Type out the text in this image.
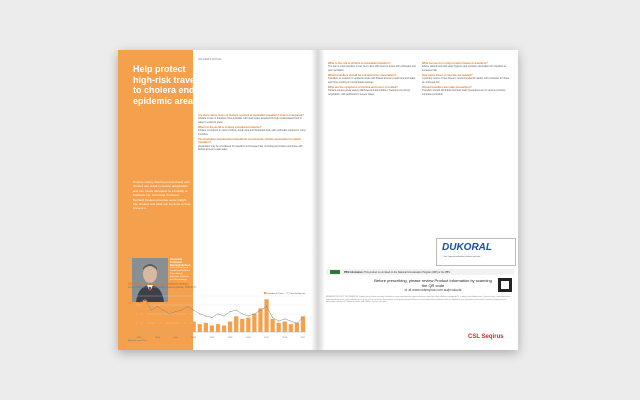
ADVERTORIAL
Help protect
high-risk travellers
to cholera endemic/
epidemic areas

Profuse watery diarrhoea associated with cholera can result in severe dehydration and can cause disruption to a holiday or business trip. Associate Professor Bernard Hudson provides some insight into cholera and what can be done to help prevent it.

Are there many cases of cholera reported in Australian travellers? How is it acquired?

Cholera is rare in travellers from Australia, with most cases acquired through contaminated food or water in endemic areas.

Where in the world is cholera considered endemic?

Cholera is endemic in parts of Africa, South Asia and Southeast Asia, with outbreaks reported in many countries.

The Australian Immunisation Handbook recommends cholera vaccination for which travellers?

Vaccination may be considered for travellers at increased risk, including aid workers and those with limited access to safe water.

Associate Professor Bernard Hudson
Medical Director of Travel Health Advice
Consultant in Infectious Diseases and Microbiology.
Cholera in endemic and epidemic areas
Annual cholera cases and mortality reported globally, 1990-2017
1990	1993	1996	1999	2002	2005	2008	2011	2014	2017
Number of Cases	Case fatality rate
Adapted from WHO

What is the risk of cholera to Australian travellers?

The risk to most travellers is low, but it rises with travel to areas with outbreaks and poor sanitation.

Which travellers should be considered for vaccination?

Travellers to endemic or epidemic areas with limited access to safe food and water, and those working in humanitarian settings.

What are the symptoms of cholera and how is it treated?

Cholera causes acute watery diarrhoea and dehydration. Treatment is prompt rehydration, with antibiotics in severe cases.

What can we do to help prevent cholera in travellers?

Advise careful food and water hygiene and consider vaccination for travellers at increased risk.

How many doses of vaccine are needed?

A primary course of two doses is recommended for adults, with a booster for those at continued risk.

Should travellers also take precautions?

Travellers should still follow food and water precautions as no vaccine provides complete protection.

DUKORAL
Oral, liquid inactivated cholera vaccine
PBS Information: This product is not listed on the National Immunisation Program (NIP) or the PBS.
Before prescribing, please review Product Information by scanning the QR code
or at www.cslseqirus.com.au/products

MINIMUM PRODUCT INFORMATION: Dukoral (oral cholera vaccine) Indications: active immunisation against disease caused by Vibrio cholerae serogroup O1 in adults and children from 2 years of age. Contraindications: hypersensitivity to the active substances or to any of the excipients. Precautions: acute gastrointestinal illness or acute febrile illness. Adverse effects: abdominal pain, diarrhoea, loose stools, nausea. Dosage: primary vaccination consists of 2 doses for adults and children 6 years and older.

CSL Seqirus
